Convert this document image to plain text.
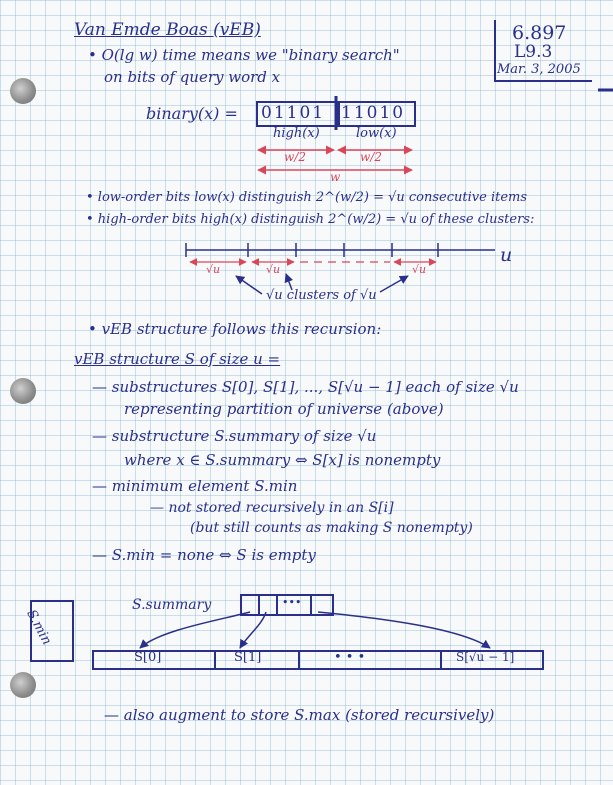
6.897
L9.3
Mar. 3, 2005
Van Emde Boas (vEB)
• O(lg w) time means we "binary search"
on bits of query word x
binary(x) = 01101 11010
high(x)	low(x)
w/2	w/2
w
• low-order bits low(x) distinguish 2^(w/2) = √u consecutive items
• high-order bits high(x) distinguish 2^(w/2) = √u of these clusters:
u
√u	√u	√u
√u clusters of √u
• vEB structure follows this recursion:
vEB structure S of size u =
— substructures S[0], S[1], ..., S[√u − 1] each of size √u
representing partition of universe (above)
— substructure S.summary of size √u
where x ∈ S.summary ⇔ S[x] is nonempty
— minimum element S.min
— not stored recursively in an S[i]
(but still counts as making S nonempty)
— S.min = none ⇔ S is empty
S.min
S.summary	•••
S[0]	S[1]	• • •	S[√u − 1]
— also augment to store S.max (stored recursively)
